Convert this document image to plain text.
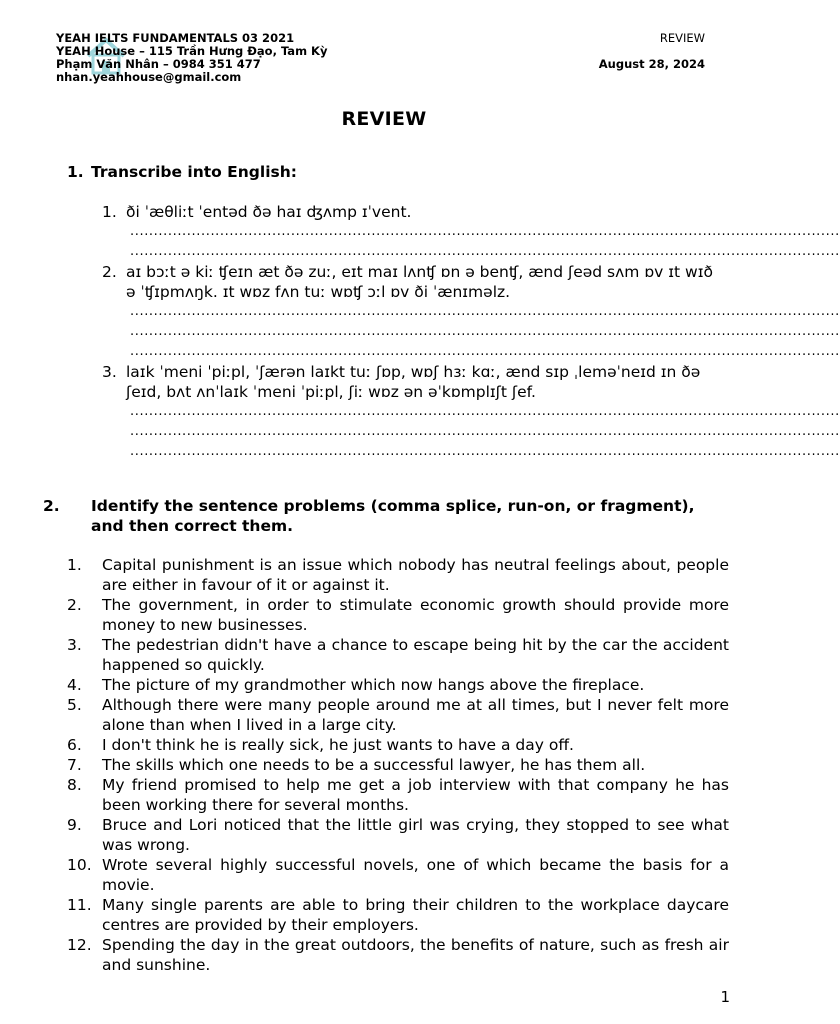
YEAH IELTS FUNDAMENTALS 03 2021
YEAH House – 115 Trần Hưng Đạo, Tam Kỳ
Phạm Văn Nhân – 0984 351 477
nhan.yeahhouse@gmail.com
REVIEW
August 28, 2024
REVIEW
1. Transcribe into English:
1. ði ˈæθliːt ˈentəd ðə haɪ ʤʌmp ɪˈvent.
......................................................................................................................................................
......................................................................................................................................................
2. aɪ bɔːt ə kiː ʧeɪn æt ðə zuː, eɪt maɪ lʌnʧ ɒn ə benʧ, ænd ʃeəd sʌm ɒv ɪt wɪð ə ˈʧɪpmʌŋk. ɪt wɒz fʌn tuː wɒʧ ɔːl ɒv ði ˈænɪməlz.
......................................................................................................................................................
......................................................................................................................................................
......................................................................................................................................................
3. laɪk ˈmeni ˈpiːpl, ˈʃærən laɪkt tuː ʃɒp, wɒʃ hɜː kɑː, ænd sɪp ˌleməˈneɪd ɪn ðə ʃeɪd, bʌt ʌnˈlaɪk ˈmeni ˈpiːpl, ʃiː wɒz ən əˈkɒmplɪʃt ʃef.
......................................................................................................................................................
......................................................................................................................................................
......................................................................................................................................................
2. Identify the sentence problems (comma splice, run-on, or fragment), and then correct them.
1. Capital punishment is an issue which nobody has neutral feelings about, people are either in favour of it or against it.
2. The government, in order to stimulate economic growth should provide more money to new businesses.
3. The pedestrian didn't have a chance to escape being hit by the car the accident happened so quickly.
4. The picture of my grandmother which now hangs above the fireplace.
5. Although there were many people around me at all times, but I never felt more alone than when I lived in a large city.
6. I don't think he is really sick, he just wants to have a day off.
7. The skills which one needs to be a successful lawyer, he has them all.
8. My friend promised to help me get a job interview with that company he has been working there for several months.
9. Bruce and Lori noticed that the little girl was crying, they stopped to see what was wrong.
10. Wrote several highly successful novels, one of which became the basis for a movie.
11. Many single parents are able to bring their children to the workplace daycare centres are provided by their employers.
12. Spending the day in the great outdoors, the benefits of nature, such as fresh air and sunshine.
1
